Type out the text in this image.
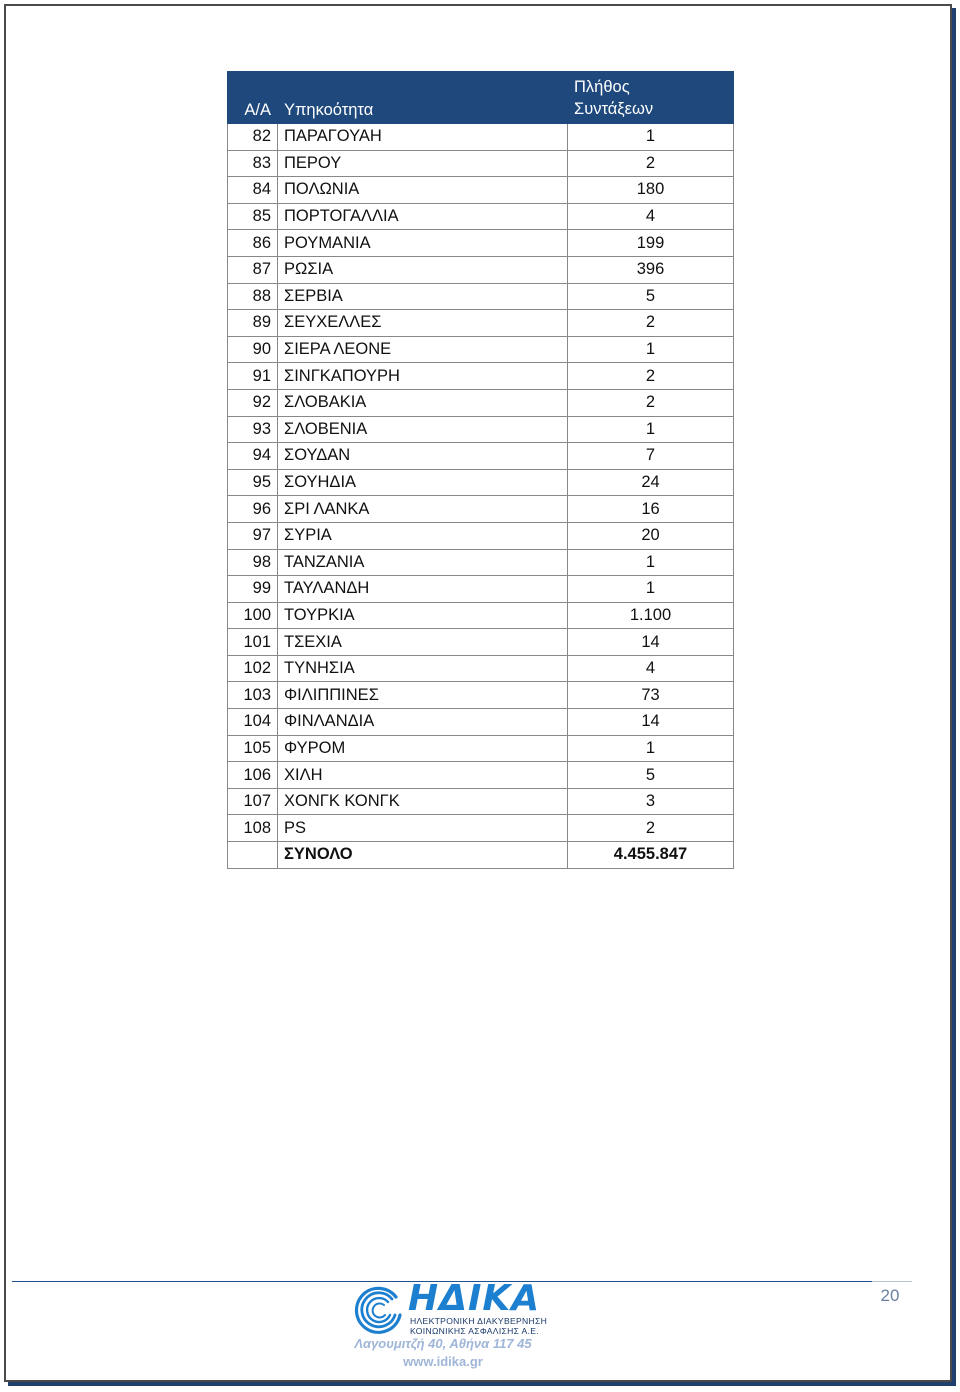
Α/Α	Υπηκοότητα	Πλήθος
Συντάξεων
82	ΠΑΡΑΓΟΥΑΗ	1
83	ΠΕΡΟΥ	2
84	ΠΟΛΩΝΙΑ	180
85	ΠΟΡΤΟΓΑΛΛΙΑ	4
86	ΡΟΥΜΑΝΙΑ	199
87	ΡΩΣΙΑ	396
88	ΣΕΡΒΙΑ	5
89	ΣΕΥΧΕΛΛΕΣ	2
90	ΣΙΕΡΑ ΛΕΟΝΕ	1
91	ΣΙΝΓΚΑΠΟΥΡΗ	2
92	ΣΛΟΒΑΚΙΑ	2
93	ΣΛΟΒΕΝΙΑ	1
94	ΣΟΥΔΑΝ	7
95	ΣΟΥΗΔΙΑ	24
96	ΣΡΙ ΛΑΝΚΑ	16
97	ΣΥΡΙΑ	20
98	ΤΑΝΖΑΝΙΑ	1
99	ΤΑΥΛΑΝΔΗ	1
100	ΤΟΥΡΚΙΑ	1.100
101	ΤΣΕΧΙΑ	14
102	ΤΥΝΗΣΙΑ	4
103	ΦΙΛΙΠΠΙΝΕΣ	73
104	ΦΙΝΛΑΝΔΙΑ	14
105	ΦΥΡΟΜ	1
106	ΧΙΛΗ	5
107	ΧΟΝΓΚ ΚΟΝΓΚ	3
108	PS	2
	ΣΥΝΟΛΟ	4.455.847
20
ΗΔΙΚΑ
ΗΛΕΚΤΡΟΝΙΚΗ ΔΙΑΚΥΒΕΡΝΗΣΗ
ΚΟΙΝΩΝΙΚΗΣ ΑΣΦΑΛΙΣΗΣ Α.Ε.
Λαγουμιτζή 40, Αθήνα 117 45
www.idika.gr
